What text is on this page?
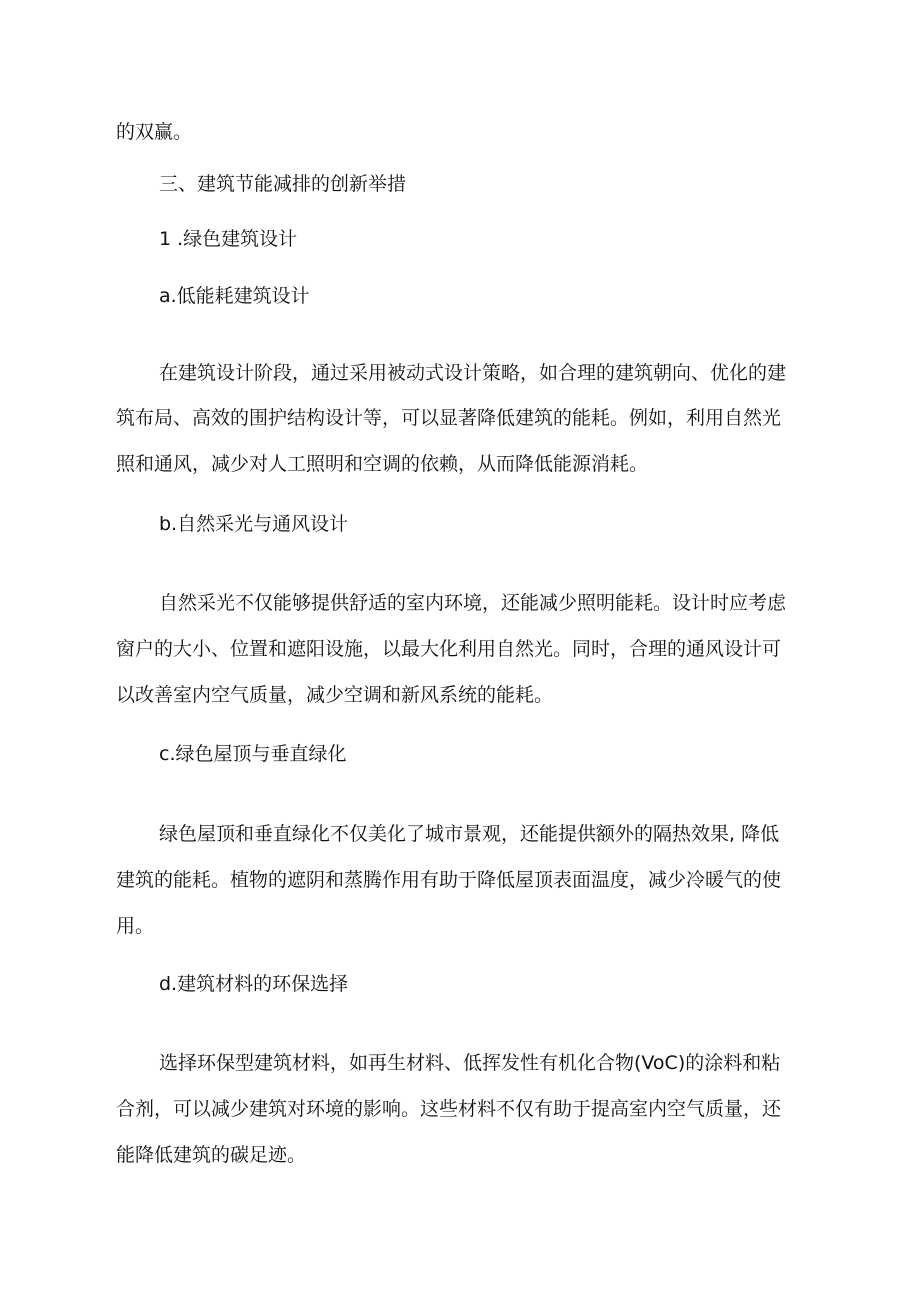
的双赢。

三、建筑节能减排的创新举措

1 .绿色建筑设计

a.低能耗建筑设计

在建筑设计阶段，通过采用被动式设计策略，如合理的建筑朝向、优化的建

筑布局、高效的围护结构设计等，可以显著降低建筑的能耗。例如，利用自然光

照和通风，减少对人工照明和空调的依赖，从而降低能源消耗。

b.自然采光与通风设计

自然采光不仅能够提供舒适的室内环境，还能减少照明能耗。设计时应考虑

窗户的大小、位置和遮阳设施，以最大化利用自然光。同时，合理的通风设计可

以改善室内空气质量，减少空调和新风系统的能耗。

c.绿色屋顶与垂直绿化

绿色屋顶和垂直绿化不仅美化了城市景观，还能提供额外的隔热效果, 降低

建筑的能耗。植物的遮阴和蒸腾作用有助于降低屋顶表面温度，减少冷暖气的使

用。

d.建筑材料的环保选择

选择环保型建筑材料，如再生材料、低挥发性有机化合物(VoC)的涂料和粘

合剂，可以减少建筑对环境的影响。这些材料不仅有助于提高室内空气质量，还

能降低建筑的碳足迹。
